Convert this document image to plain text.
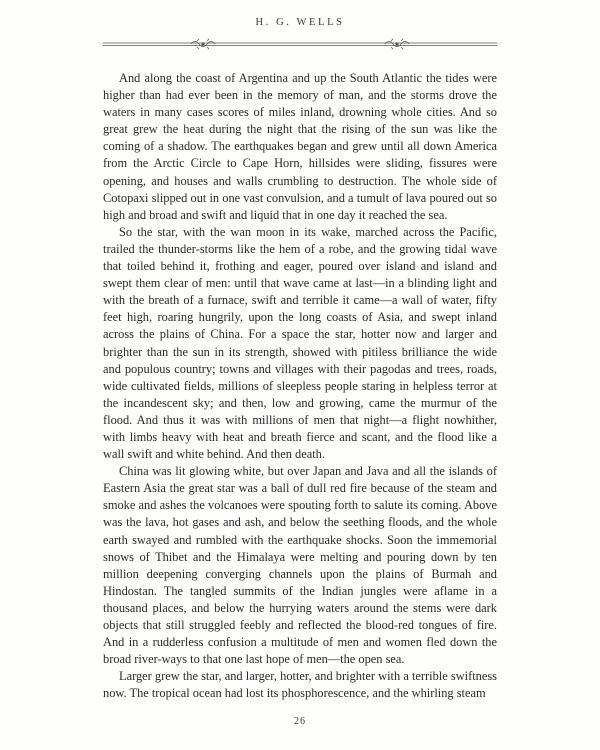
H. G. WELLS

And along the coast of Argentina and up the South Atlantic the tides were higher than had ever been in the memory of man, and the storms drove the waters in many cases scores of miles inland, drowning whole cities. And so great grew the heat during the night that the rising of the sun was like the coming of a shadow. The earthquakes began and grew until all down America from the Arctic Circle to Cape Horn, hillsides were sliding, fissures were opening, and houses and walls crumbling to destruction. The whole side of Cotopaxi slipped out in one vast convulsion, and a tumult of lava poured out so high and broad and swift and liquid that in one day it reached the sea.

So the star, with the wan moon in its wake, marched across the Pacific, trailed the thunder-storms like the hem of a robe, and the growing tidal wave that toiled behind it, frothing and eager, poured over island and island and swept them clear of men: until that wave came at last—in a blinding light and with the breath of a furnace, swift and terrible it came—a wall of water, fifty feet high, roaring hungrily, upon the long coasts of Asia, and swept inland across the plains of China. For a space the star, hotter now and larger and brighter than the sun in its strength, showed with pitiless brilliance the wide and populous country; towns and villages with their pagodas and trees, roads, wide cultivated fields, millions of sleepless people staring in helpless terror at the incandescent sky; and then, low and growing, came the murmur of the flood. And thus it was with millions of men that night—a flight nowhither, with limbs heavy with heat and breath fierce and scant, and the flood like a wall swift and white behind. And then death.

China was lit glowing white, but over Japan and Java and all the islands of Eastern Asia the great star was a ball of dull red fire because of the steam and smoke and ashes the volcanoes were spouting forth to salute its coming. Above was the lava, hot gases and ash, and below the seething floods, and the whole earth swayed and rumbled with the earthquake shocks. Soon the immemorial snows of Thibet and the Himalaya were melting and pouring down by ten million deepening converging channels upon the plains of Burmah and Hindostan. The tangled summits of the Indian jungles were aflame in a thousand places, and below the hurrying waters around the stems were dark objects that still struggled feebly and reflected the blood-red tongues of fire. And in a rudderless confusion a multitude of men and women fled down the broad river-ways to that one last hope of men—the open sea.

Larger grew the star, and larger, hotter, and brighter with a terrible swiftness now. The tropical ocean had lost its phosphorescence, and the whirling steam

26
